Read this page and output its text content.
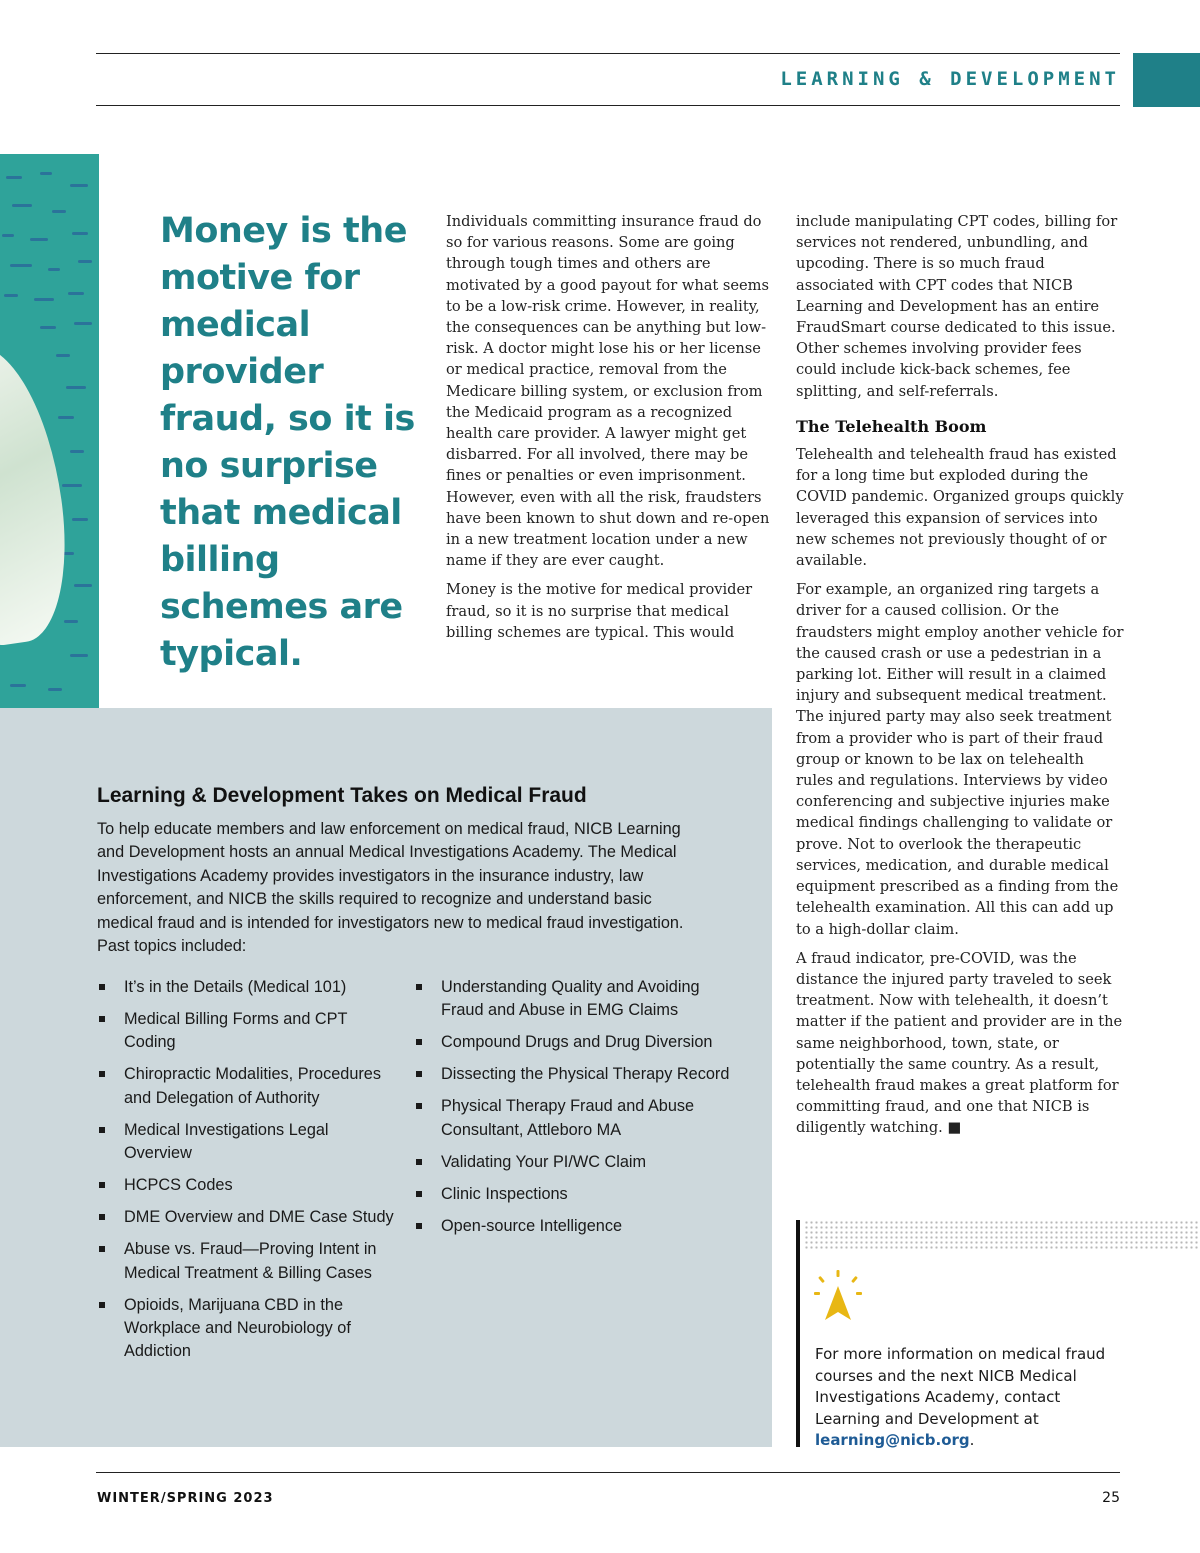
LEARNING & DEVELOPMENT
Money is the motive for medical provider fraud, so it is no surprise that medical billing schemes are typical.

Individuals committing insurance fraud do so for various reasons. Some are going through tough times and others are motivated by a good payout for what seems to be a low-risk crime. However, in reality, the consequences can be anything but low-risk. A doctor might lose his or her license or medical practice, removal from the Medicare billing system, or exclusion from the Medicaid program as a recognized health care provider. A lawyer might get disbarred. For all involved, there may be fines or penalties or even imprisonment. However, even with all the risk, fraudsters have been known to shut down and re-open in a new treatment location under a new name if they are ever caught.

Money is the motive for medical provider fraud, so it is no surprise that medical billing schemes are typical. This would

include manipulating CPT codes, billing for services not rendered, unbundling, and upcoding. There is so much fraud associated with CPT codes that NICB Learning and Development has an entire FraudSmart course dedicated to this issue. Other schemes involving provider fees could include kick-back schemes, fee splitting, and self-referrals.

The Telehealth Boom

Telehealth and telehealth fraud has existed for a long time but exploded during the COVID pandemic. Organized groups quickly leveraged this expansion of services into new schemes not previously thought of or available.

For example, an organized ring targets a driver for a caused collision. Or the fraudsters might employ another vehicle for the caused crash or use a pedestrian in a parking lot. Either will result in a claimed injury and subsequent medical treatment. The injured party may also seek treatment from a provider who is part of their fraud group or known to be lax on telehealth rules and regulations. Interviews by video conferencing and subjective injuries make medical findings challenging to validate or prove. Not to overlook the therapeutic services, medication, and durable medical equipment prescribed as a finding from the telehealth examination. All this can add up to a high-dollar claim.

A fraud indicator, pre-COVID, was the distance the injured party traveled to seek treatment. Now with telehealth, it doesn’t matter if the patient and provider are in the same neighborhood, town, state, or potentially the same country. As a result, telehealth fraud makes a great platform for committing fraud, and one that NICB is diligently watching. ■

Learning & Development Takes on Medical Fraud

To help educate members and law enforcement on medical fraud, NICB Learning and Development hosts an annual Medical Investigations Academy. The Medical Investigations Academy provides investigators in the insurance industry, law enforcement, and NICB the skills required to recognize and understand basic medical fraud and is intended for investigators new to medical fraud investigation. Past topics included:

It’s in the Details (Medical 101)
Medical Billing Forms and CPT Coding
Chiropractic Modalities, Procedures and Delegation of Authority
Medical Investigations Legal Overview
HCPCS Codes
DME Overview and DME Case Study
Abuse vs. Fraud—Proving Intent in Medical Treatment & Billing Cases
Opioids, Marijuana CBD in the Workplace and Neurobiology of Addiction
Understanding Quality and Avoiding Fraud and Abuse in EMG Claims
Compound Drugs and Drug Diversion
Dissecting the Physical Therapy Record
Physical Therapy Fraud and Abuse Consultant, Attleboro MA
Validating Your PI/WC Claim
Clinic Inspections
Open-source Intelligence

For more information on medical fraud courses and the next NICB Medical Investigations Academy, contact Learning and Development at learning@nicb.org.

WINTER/SPRING 2023	25
